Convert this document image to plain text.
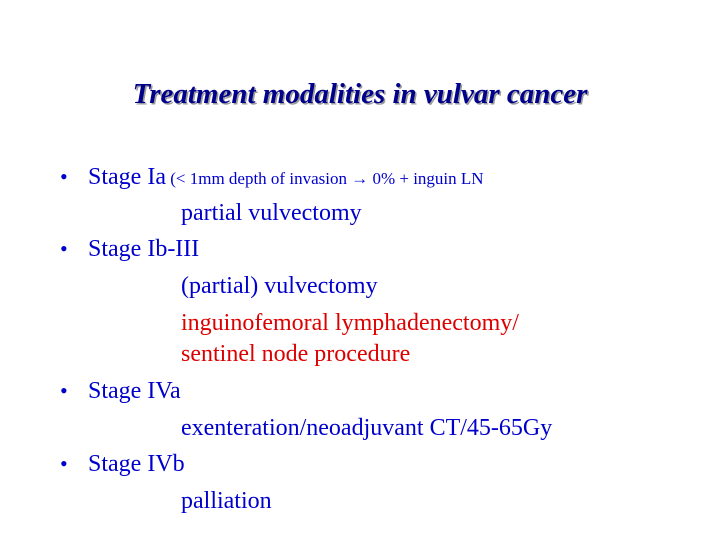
Treatment modalities in vulvar cancer
• Stage Ia (< 1mm depth of invasion → 0% + inguin LN
partial vulvectomy
• Stage Ib-III
(partial) vulvectomy
inguinofemoral lymphadenectomy/
sentinel node procedure
• Stage IVa
exenteration/neoadjuvant CT/45-65Gy
• Stage IVb
palliation
